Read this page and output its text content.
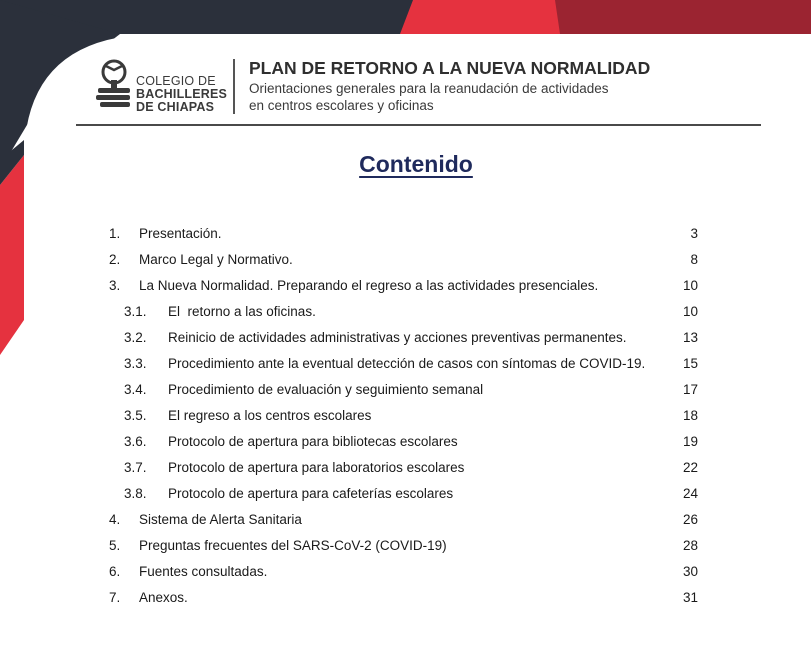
COLEGIO DE
BACHILLERES
DE CHIAPAS
PLAN DE RETORNO A LA NUEVA NORMALIDAD
Orientaciones generales para la reanudación de actividades
en centros escolares y oficinas
Contenido
1. Presentación.	3
2. Marco Legal y Normativo.	8
3. La Nueva Normalidad. Preparando el regreso a las actividades presenciales.	10
3.1. El  retorno a las oficinas.	10
3.2. Reinicio de actividades administrativas y acciones preventivas permanentes.	13
3.3. Procedimiento ante la eventual detección de casos con síntomas de COVID-19.	15
3.4. Procedimiento de evaluación y seguimiento semanal	17
3.5. El regreso a los centros escolares	18
3.6. Protocolo de apertura para bibliotecas escolares	19
3.7. Protocolo de apertura para laboratorios escolares	22
3.8. Protocolo de apertura para cafeterías escolares	24
4. Sistema de Alerta Sanitaria	26
5. Preguntas frecuentes del SARS-CoV-2 (COVID-19)	28
6. Fuentes consultadas.	30
7. Anexos.	31
